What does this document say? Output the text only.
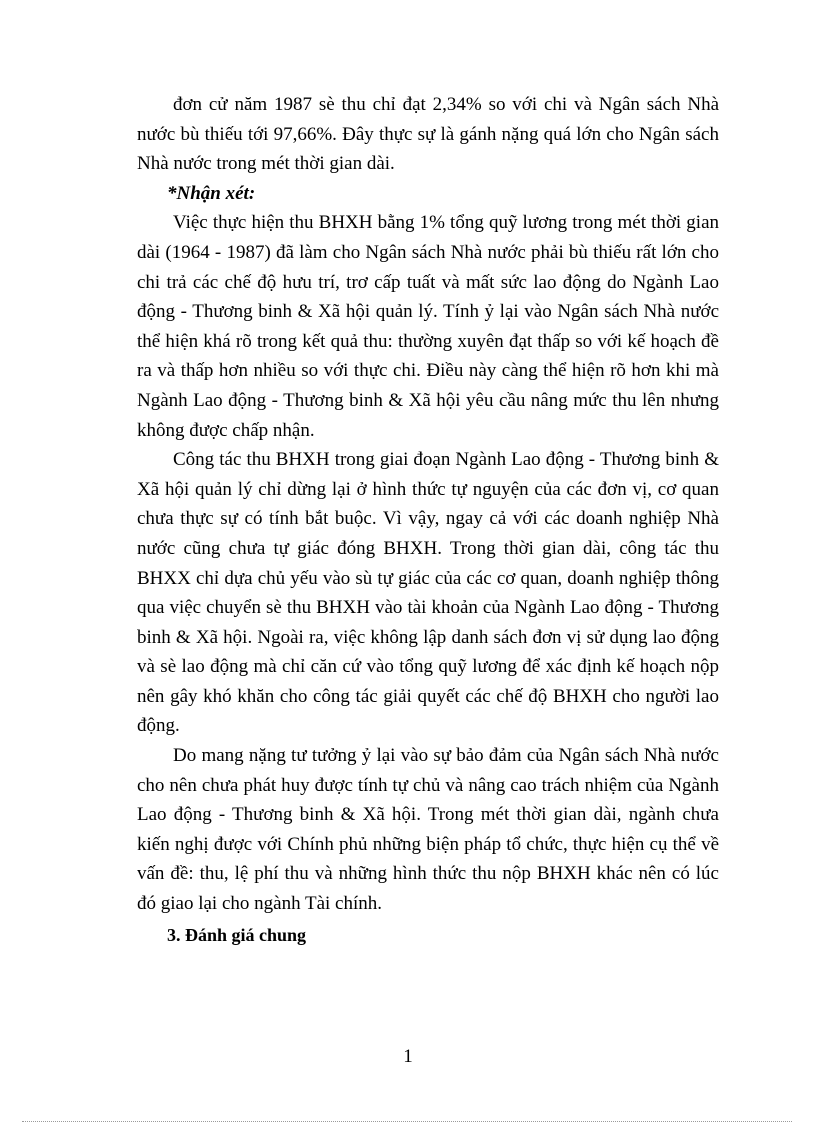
đơn cử năm 1987 sè thu chỉ đạt 2,34% so với chi và Ngân sách Nhà nước bù thiếu tới 97,66%. Đây thực sự là gánh nặng quá lớn cho Ngân sách Nhà nước trong mét thời gian dài.

*Nhận xét:

Việc thực hiện thu BHXH bằng 1% tổng quỹ lương trong mét thời gian dài (1964 - 1987) đã làm cho Ngân sách Nhà nước phải bù thiếu rất lớn cho chi trả các chế độ hưu trí, trơ cấp tuất và mất sức lao động do Ngành Lao động - Thương binh & Xã hội quản lý. Tính ỷ lại vào Ngân sách Nhà nước thể hiện khá rõ trong kết quả thu: thường xuyên đạt thấp so với kế hoạch đề ra và thấp hơn nhiều so với thực chi. Điều này càng thể hiện rõ hơn khi mà Ngành Lao động - Thương binh & Xã hội yêu cầu nâng mức thu lên nhưng không được chấp nhận.

Công tác thu BHXH trong giai đoạn Ngành Lao động - Thương binh & Xã hội quản lý chỉ dừng lại ở hình thức tự nguyện của các đơn vị, cơ quan chưa thực sự có tính bắt buộc. Vì vậy, ngay cả với các doanh nghiệp Nhà nước cũng chưa tự giác đóng BHXH. Trong thời gian dài, công tác thu BHXX chỉ dựa chủ yếu vào sù tự giác của các cơ quan, doanh nghiệp thông qua việc chuyển sè thu BHXH vào tài khoản của Ngành Lao động - Thương binh & Xã hội. Ngoài ra, việc không lập danh sách đơn vị sử dụng lao động và sè lao động mà chỉ căn cứ vào tổng quỹ lương để xác định kế hoạch nộp nên gây khó khăn cho công tác giải quyết các chế độ BHXH cho người lao động.

Do mang nặng tư tưởng ỷ lại vào sự bảo đảm của Ngân sách Nhà nước cho nên chưa phát huy được tính tự chủ và nâng cao trách nhiệm của Ngành Lao động - Thương binh & Xã hội. Trong mét thời gian dài, ngành chưa kiến nghị được với Chính phủ những biện pháp tổ chức, thực hiện cụ thể về vấn đề: thu, lệ phí thu và những hình thức thu nộp BHXH khác nên có lúc đó giao lại cho ngành Tài chính.

3. Đánh giá chung

1
